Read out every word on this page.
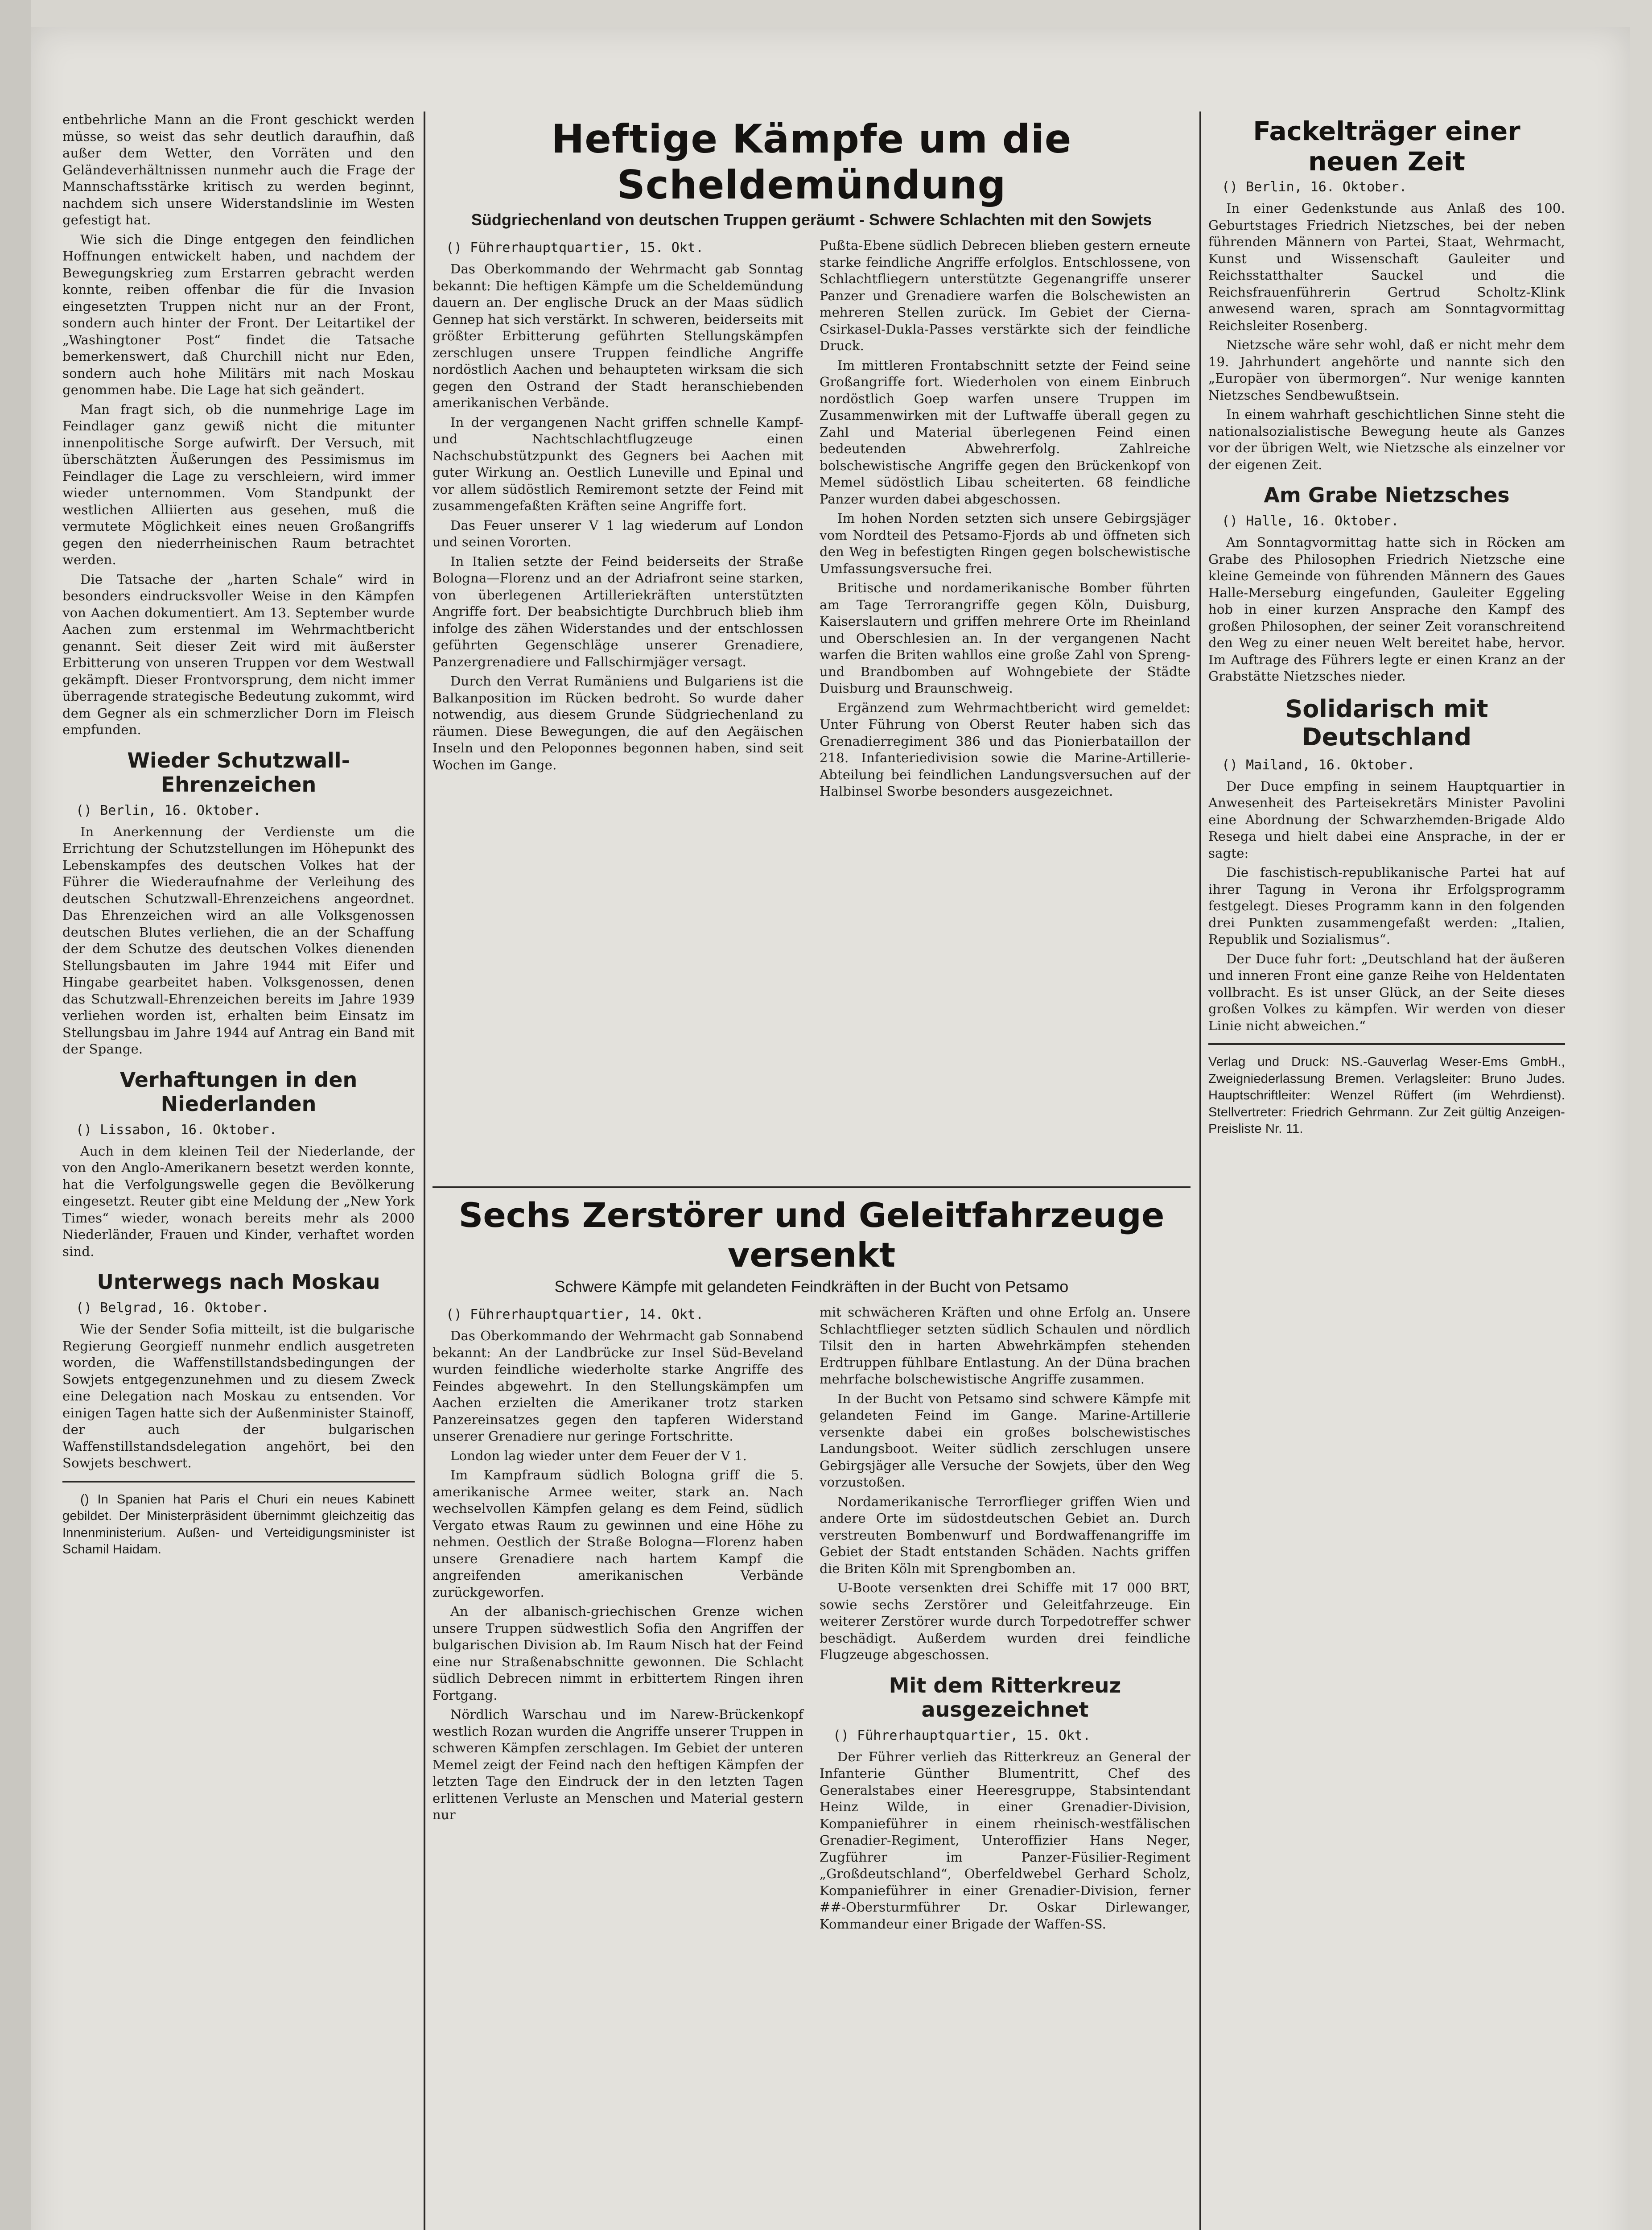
entbehrliche Mann an die Front geschickt werden müsse, so weist das sehr deutlich daraufhin, daß außer dem Wetter, den Vorräten und den Geländeverhältnissen nunmehr auch die Frage der Mannschaftsstärke kritisch zu werden beginnt, nachdem sich unsere Widerstandslinie im Westen gefestigt hat.

Wie sich die Dinge entgegen den feindlichen Hoffnungen entwickelt haben, und nachdem der Bewegungskrieg zum Erstarren gebracht werden konnte, reiben offenbar die für die Invasion eingesetzten Truppen nicht nur an der Front, sondern auch hinter der Front. Der Leitartikel der „Washingtoner Post“ findet die Tatsache bemerkenswert, daß Churchill nicht nur Eden, sondern auch hohe Militärs mit nach Moskau genommen habe. Die Lage hat sich geändert.

Man fragt sich, ob die nunmehrige Lage im Feindlager ganz gewiß nicht die mitunter innenpolitische Sorge aufwirft. Der Versuch, mit überschätzten Äußerungen des Pessimismus im Feindlager die Lage zu verschleiern, wird immer wieder unternommen. Vom Standpunkt der westlichen Alliierten aus gesehen, muß die vermutete Möglichkeit eines neuen Großangriffs gegen den niederrheinischen Raum betrachtet werden.

Die Tatsache der „harten Schale“ wird in besonders eindrucksvoller Weise in den Kämpfen von Aachen dokumentiert. Am 13. September wurde Aachen zum erstenmal im Wehrmachtbericht genannt. Seit dieser Zeit wird mit äußerster Erbitterung von unseren Truppen vor dem Westwall gekämpft. Dieser Frontvorsprung, dem nicht immer überragende strategische Bedeutung zukommt, wird dem Gegner als ein schmerzlicher Dorn im Fleisch empfunden.

Wieder Schutzwall-Ehrenzeichen
() Berlin, 16. Oktober.

In Anerkennung der Verdienste um die Errichtung der Schutzstellungen im Höhepunkt des Lebenskampfes des deutschen Volkes hat der Führer die Wiederaufnahme der Verleihung des deutschen Schutzwall-Ehrenzeichens angeordnet. Das Ehrenzeichen wird an alle Volksgenossen deutschen Blutes verliehen, die an der Schaffung der dem Schutze des deutschen Volkes dienenden Stellungsbauten im Jahre 1944 mit Eifer und Hingabe gearbeitet haben. Volksgenossen, denen das Schutzwall-Ehrenzeichen bereits im Jahre 1939 verliehen worden ist, erhalten beim Einsatz im Stellungsbau im Jahre 1944 auf Antrag ein Band mit der Spange.

Verhaftungen in den Niederlanden
() Lissabon, 16. Oktober.

Auch in dem kleinen Teil der Niederlande, der von den Anglo-Amerikanern besetzt werden konnte, hat die Verfolgungswelle gegen die Bevölkerung eingesetzt. Reuter gibt eine Meldung der „New York Times“ wieder, wonach bereits mehr als 2000 Niederländer, Frauen und Kinder, verhaftet worden sind.

Unterwegs nach Moskau
() Belgrad, 16. Oktober.

Wie der Sender Sofia mitteilt, ist die bulgarische Regierung Georgieff nunmehr endlich ausgetreten worden, die Waffenstillstandsbedingungen der Sowjets entgegenzunehmen und zu diesem Zweck eine Delegation nach Moskau zu entsenden. Vor einigen Tagen hatte sich der Außenminister Stainoff, der auch der bulgarischen Waffenstillstandsdelegation angehört, bei den Sowjets beschwert.

() In Spanien hat Paris el Churi ein neues Kabinett gebildet. Der Ministerpräsident übernimmt gleichzeitig das Innenministerium. Außen- und Verteidigungsminister ist Schamil Haidam.

Heftige Kämpfe um die Scheldemündung
Südgriechenland von deutschen Truppen geräumt - Schwere Schlachten mit den Sowjets
() Führerhauptquartier, 15. Okt.

Das Oberkommando der Wehrmacht gab Sonntag bekannt: Die heftigen Kämpfe um die Scheldemündung dauern an. Der englische Druck an der Maas südlich Gennep hat sich verstärkt. In schweren, beiderseits mit größter Erbitterung geführten Stellungskämpfen zerschlugen unsere Truppen feindliche Angriffe nordöstlich Aachen und behaupteten wirksam die sich gegen den Ostrand der Stadt heranschiebenden amerikanischen Verbände.

In der vergangenen Nacht griffen schnelle Kampf- und Nachtschlachtflugzeuge einen Nachschubstützpunkt des Gegners bei Aachen mit guter Wirkung an. Oestlich Luneville und Epinal und vor allem südöstlich Remiremont setzte der Feind mit zusammengefaßten Kräften seine Angriffe fort.

Das Feuer unserer V 1 lag wiederum auf London und seinen Vororten.

In Italien setzte der Feind beiderseits der Straße Bologna—Florenz und an der Adriafront seine starken, von überlegenen Artilleriekräften unterstützten Angriffe fort. Der beabsichtigte Durchbruch blieb ihm infolge des zähen Widerstandes und der entschlossen geführten Gegenschläge unserer Grenadiere, Panzergrenadiere und Fallschirmjäger versagt.

Durch den Verrat Rumäniens und Bulgariens ist die Balkanposition im Rücken bedroht. So wurde daher notwendig, aus diesem Grunde Südgriechenland zu räumen. Diese Bewegungen, die auf den Aegäischen Inseln und den Peloponnes begonnen haben, sind seit Wochen im Gange.

Pußta-Ebene südlich Debrecen blieben gestern erneute starke feindliche Angriffe erfolglos. Entschlossene, von Schlachtfliegern unterstützte Gegenangriffe unserer Panzer und Grenadiere warfen die Bolschewisten an mehreren Stellen zurück. Im Gebiet der Cierna-Csirkasel-Dukla-Passes verstärkte sich der feindliche Druck.

Im mittleren Frontabschnitt setzte der Feind seine Großangriffe fort. Wiederholen von einem Einbruch nordöstlich Goep warfen unsere Truppen im Zusammenwirken mit der Luftwaffe überall gegen zu Zahl und Material überlegenen Feind einen bedeutenden Abwehrerfolg. Zahlreiche bolschewistische Angriffe gegen den Brückenkopf von Memel südöstlich Libau scheiterten. 68 feindliche Panzer wurden dabei abgeschossen.

Im hohen Norden setzten sich unsere Gebirgsjäger vom Nordteil des Petsamo-Fjords ab und öffneten sich den Weg in befestigten Ringen gegen bolschewistische Umfassungsversuche frei.

Britische und nordamerikanische Bomber führten am Tage Terrorangriffe gegen Köln, Duisburg, Kaiserslautern und griffen mehrere Orte im Rheinland und Oberschlesien an. In der vergangenen Nacht warfen die Briten wahllos eine große Zahl von Spreng- und Brandbomben auf Wohngebiete der Städte Duisburg und Braunschweig.

Ergänzend zum Wehrmachtbericht wird gemeldet: Unter Führung von Oberst Reuter haben sich das Grenadierregiment 386 und das Pionierbataillon der 218. Infanteriedivision sowie die Marine-Artillerie-Abteilung bei feindlichen Landungsversuchen auf der Halbinsel Sworbe besonders ausgezeichnet.

Sechs Zerstörer und Geleitfahrzeuge versenkt
Schwere Kämpfe mit gelandeten Feindkräften in der Bucht von Petsamo
() Führerhauptquartier, 14. Okt.

Das Oberkommando der Wehrmacht gab Sonnabend bekannt: An der Landbrücke zur Insel Süd-Beveland wurden feindliche wiederholte starke Angriffe des Feindes abgewehrt. In den Stellungskämpfen um Aachen erzielten die Amerikaner trotz starken Panzereinsatzes gegen den tapferen Widerstand unserer Grenadiere nur geringe Fortschritte.

London lag wieder unter dem Feuer der V 1.

Im Kampfraum südlich Bologna griff die 5. amerikanische Armee weiter, stark an. Nach wechselvollen Kämpfen gelang es dem Feind, südlich Vergato etwas Raum zu gewinnen und eine Höhe zu nehmen. Oestlich der Straße Bologna—Florenz haben unsere Grenadiere nach hartem Kampf die angreifenden amerikanischen Verbände zurückgeworfen.

An der albanisch-griechischen Grenze wichen unsere Truppen südwestlich Sofia den Angriffen der bulgarischen Division ab. Im Raum Nisch hat der Feind eine nur Straßenabschnitte gewonnen. Die Schlacht südlich Debrecen nimmt in erbittertem Ringen ihren Fortgang.

Nördlich Warschau und im Narew-Brückenkopf westlich Rozan wurden die Angriffe unserer Truppen in schweren Kämpfen zerschlagen. Im Gebiet der unteren Memel zeigt der Feind nach den heftigen Kämpfen der letzten Tage den Eindruck der in den letzten Tagen erlittenen Verluste an Menschen und Material gestern nur

mit schwächeren Kräften und ohne Erfolg an. Unsere Schlachtflieger setzten südlich Schaulen und nördlich Tilsit den in harten Abwehrkämpfen stehenden Erdtruppen fühlbare Entlastung. An der Düna brachen mehrfache bolschewistische Angriffe zusammen.

In der Bucht von Petsamo sind schwere Kämpfe mit gelandeten Feind im Gange. Marine-Artillerie versenkte dabei ein großes bolschewistisches Landungsboot. Weiter südlich zerschlugen unsere Gebirgsjäger alle Versuche der Sowjets, über den Weg vorzustoßen.

Nordamerikanische Terrorflieger griffen Wien und andere Orte im südostdeutschen Gebiet an. Durch verstreuten Bombenwurf und Bordwaffenangriffe im Gebiet der Stadt entstanden Schäden. Nachts griffen die Briten Köln mit Sprengbomben an.

U-Boote versenkten drei Schiffe mit 17 000 BRT, sowie sechs Zerstörer und Geleitfahrzeuge. Ein weiterer Zerstörer wurde durch Torpedotreffer schwer beschädigt. Außerdem wurden drei feindliche Flugzeuge abgeschossen.

Mit dem Ritterkreuz ausgezeichnet
() Führerhauptquartier, 15. Okt.

Der Führer verlieh das Ritterkreuz an General der Infanterie Günther Blumentritt, Chef des Generalstabes einer Heeresgruppe, Stabsintendant Heinz Wilde, in einer Grenadier-Division, Kompanieführer in einem rheinisch-westfälischen Grenadier-Regiment, Unteroffizier Hans Neger, Zugführer im Panzer-Füsilier-Regiment „Großdeutschland“, Oberfeldwebel Gerhard Scholz, Kompanieführer in einer Grenadier-Division, ferner ##-Obersturmführer Dr. Oskar Dirlewanger, Kommandeur einer Brigade der Waffen-SS.

Fackelträger einer neuen Zeit
() Berlin, 16. Oktober.

In einer Gedenkstunde aus Anlaß des 100. Geburtstages Friedrich Nietzsches, bei der neben führenden Männern von Partei, Staat, Wehrmacht, Kunst und Wissenschaft Gauleiter und Reichsstatthalter Sauckel und die Reichsfrauenführerin Gertrud Scholtz-Klink anwesend waren, sprach am Sonntagvormittag Reichsleiter Rosenberg.

Nietzsche wäre sehr wohl, daß er nicht mehr dem 19. Jahrhundert angehörte und nannte sich den „Europäer von übermorgen“. Nur wenige kannten Nietzsches Sendbewußtsein.

In einem wahrhaft geschichtlichen Sinne steht die nationalsozialistische Bewegung heute als Ganzes vor der übrigen Welt, wie Nietzsche als einzelner vor der eigenen Zeit.

Am Grabe Nietzsches
() Halle, 16. Oktober.

Am Sonntagvormittag hatte sich in Röcken am Grabe des Philosophen Friedrich Nietzsche eine kleine Gemeinde von führenden Männern des Gaues Halle-Merseburg eingefunden, Gauleiter Eggeling hob in einer kurzen Ansprache den Kampf des großen Philosophen, der seiner Zeit voranschreitend den Weg zu einer neuen Welt bereitet habe, hervor. Im Auftrage des Führers legte er einen Kranz an der Grabstätte Nietzsches nieder.

Solidarisch mit Deutschland
() Mailand, 16. Oktober.

Der Duce empfing in seinem Hauptquartier in Anwesenheit des Parteisekretärs Minister Pavolini eine Abordnung der Schwarzhemden-Brigade Aldo Resega und hielt dabei eine Ansprache, in der er sagte:

Die faschistisch-republikanische Partei hat auf ihrer Tagung in Verona ihr Erfolgsprogramm festgelegt. Dieses Programm kann in den folgenden drei Punkten zusammengefaßt werden: „Italien, Republik und Sozialismus“.

Der Duce fuhr fort: „Deutschland hat der äußeren und inneren Front eine ganze Reihe von Heldentaten vollbracht. Es ist unser Glück, an der Seite dieses großen Volkes zu kämpfen. Wir werden von dieser Linie nicht abweichen.“

Verlag und Druck: NS.-Gauverlag Weser-Ems GmbH., Zweigniederlassung Bremen. Verlagsleiter: Bruno Judes. Hauptschriftleiter: Wenzel Rüffert (im Wehrdienst). Stellvertreter: Friedrich Gehrmann. Zur Zeit gültig Anzeigen-Preisliste Nr. 11.
